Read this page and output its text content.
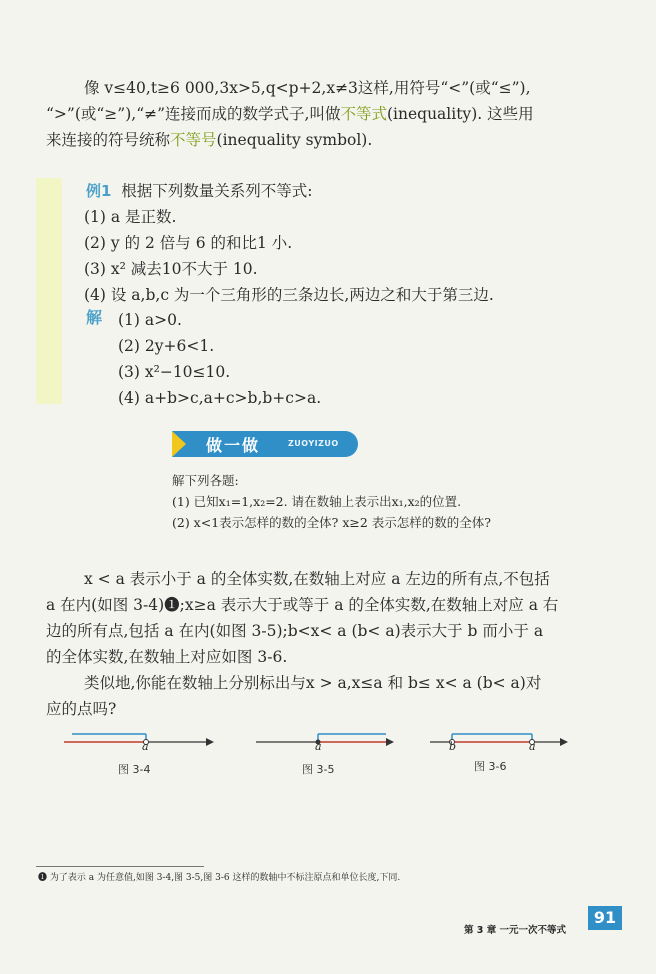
像 v≤40,t≥6 000,3x>5,q<p+2,x≠3这样,用符号“<”(或“≤”),
“>”(或“≥”),“≠”连接而成的数学式子,叫做不等式(inequality). 这些用
来连接的符号统称不等号(inequality symbol).
例1 根据下列数量关系列不等式:
(1) a 是正数.
(2) y 的 2 倍与 6 的和比1 小.
(3) x² 减去10不大于 10.
(4) 设 a,b,c 为一个三角形的三条边长,两边之和大于第三边.
解 (1) a>0.
(2) 2y+6<1.
(3) x²−10≤10.
(4) a+b>c,a+c>b,b+c>a.
做一做	ZUOYIZUO
解下列各题:
(1) 已知x₁=1,x₂=2. 请在数轴上表示出x₁,x₂的位置.
(2) x<1表示怎样的数的全体? x≥2 表示怎样的数的全体?
x < a 表示小于 a 的全体实数,在数轴上对应 a 左边的所有点,不包括
a 在内(如图 3-4)❶;x≥a 表示大于或等于 a 的全体实数,在数轴上对应 a 右
边的所有点,包括 a 在内(如图 3-5);b<x< a (b< a)表示大于 b 而小于 a
的全体实数,在数轴上对应如图 3-6.
类似地,你能在数轴上分别标出与x > a,x≤a 和 b≤ x< a (b< a)对
应的点吗?
a
图 3-4
a
图 3-5
b	a
图 3-6
❶ 为了表示 a 为任意值,如图 3-4,图 3-5,图 3-6 这样的数轴中不标注原点和单位长度,下同.
第 3 章 一元一次不等式
91
